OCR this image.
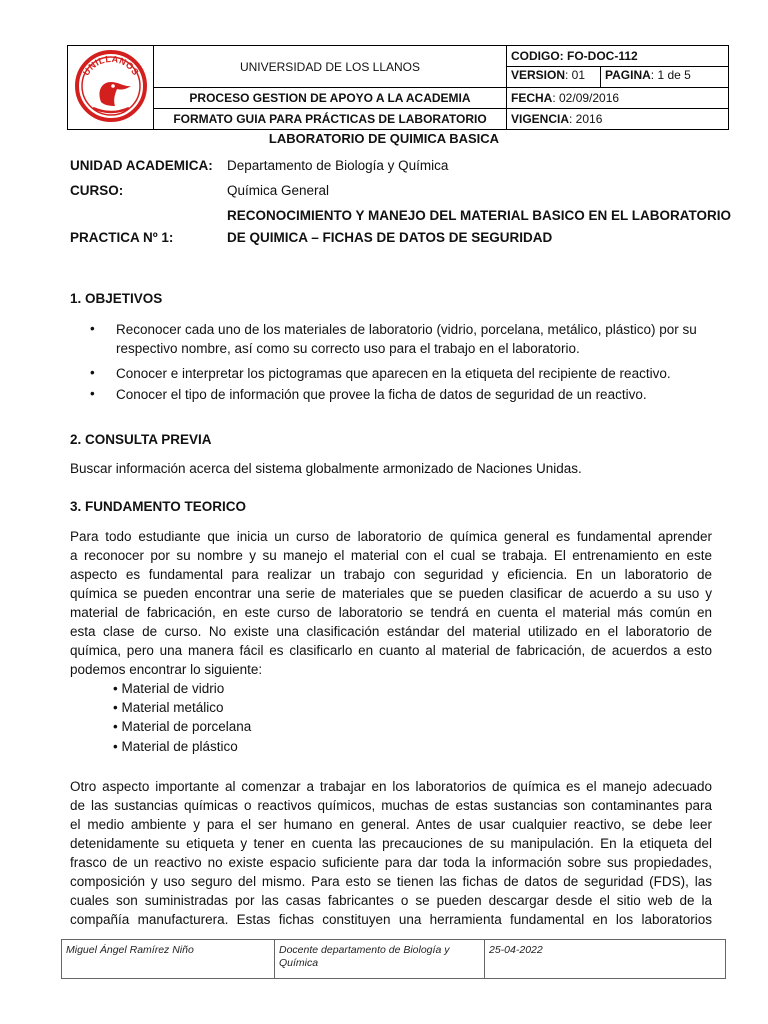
UNILLANOS	UNIVERSIDAD DE LOS LLANOS	CODIGO: FO-DOC-112

		VERSION: 01 PAGINA: 1 de 5

	PROCESO GESTION DE APOYO A LA ACADEMIA	FECHA: 02/09/2016
	FORMATO GUIA PARA PRÁCTICAS DE LABORATORIO	VIGENCIA: 2016
LABORATORIO DE QUIMICA BASICA
UNIDAD ACADEMICA: Departamento de Biología y Química
CURSO:	Química General
RECONOCIMIENTO Y MANEJO DEL MATERIAL BASICO EN EL LABORATORIO
PRACTICA Nº 1:	DE QUIMICA – FICHAS DE DATOS DE SEGURIDAD
1. OBJETIVOS
• Reconocer cada uno de los materiales de laboratorio (vidrio, porcelana, metálico, plástico) por su respectivo nombre, así como su correcto uso para el trabajo en el laboratorio.
• Conocer e interpretar los pictogramas que aparecen en la etiqueta del recipiente de reactivo.
• Conocer el tipo de información que provee la ficha de datos de seguridad de un reactivo.
2. CONSULTA PREVIA
Buscar información acerca del sistema globalmente armonizado de Naciones Unidas.
3. FUNDAMENTO TEORICO
Para todo estudiante que inicia un curso de laboratorio de química general es fundamental aprender
a reconocer por su nombre y su manejo el material con el cual se trabaja. El entrenamiento en este
aspecto es fundamental para realizar un trabajo con seguridad y eficiencia. En un laboratorio de
química se pueden encontrar una serie de materiales que se pueden clasificar de acuerdo a su uso y
material de fabricación, en este curso de laboratorio se tendrá en cuenta el material más común en
esta clase de curso. No existe una clasificación estándar del material utilizado en el laboratorio de
química, pero una manera fácil es clasificarlo en cuanto al material de fabricación, de acuerdos a esto
podemos encontrar lo siguiente:
• Material de vidrio
• Material metálico
• Material de porcelana
• Material de plástico
Otro aspecto importante al comenzar a trabajar en los laboratorios de química es el manejo adecuado
de las sustancias químicas o reactivos químicos, muchas de estas sustancias son contaminantes para
el medio ambiente y para el ser humano en general. Antes de usar cualquier reactivo, se debe leer
detenidamente su etiqueta y tener en cuenta las precauciones de su manipulación. En la etiqueta del
frasco de un reactivo no existe espacio suficiente para dar toda la información sobre sus propiedades,
composición y uso seguro del mismo. Para esto se tienen las fichas de datos de seguridad (FDS), las
cuales son suministradas por las casas fabricantes o se pueden descargar desde el sitio web de la
compañía manufacturera. Estas fichas constituyen una herramienta fundamental en los laboratorios
Miguel Ángel Ramírez Niño	Docente departamento de Biología y Química	25-04-2022
